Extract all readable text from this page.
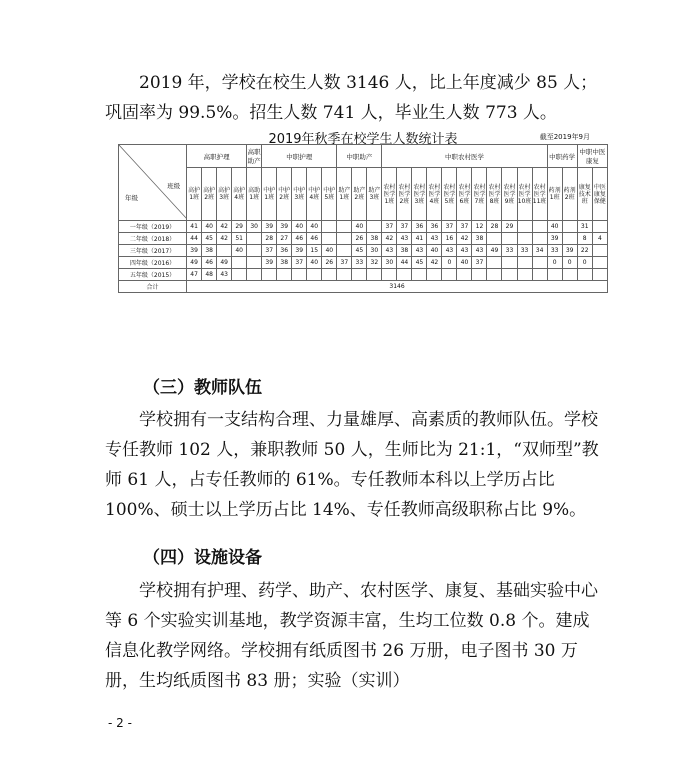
2019 年，学校在校生人数 3146 人，比上年度减少 85 人；巩固率为 99.5%。招生人数 741 人，毕业生人数 773 人。
2019年秋季在校学生人数统计表	截至2019年9月
年级
班级	高职护理				高职助产	中职护理					中职助产			中职农村医学											中职药学		中职中医康复	
	高护1班	高护2班	高护3班	高护4班	高助1班	中护1班	中护2班	中护3班	中护4班	中护5班	助产1班	助产2班	助产3班	农村医学1班	农村医学2班	农村医学3班	农村医学4班	农村医学5班	农村医学6班	农村医学7班	农村医学8班	农村医学9班	农村医学10班	农村医学11班	药剂1班	药剂2班	康复技术班	中医康复保健
一年级（2019）	41	40	42	29	30	39	39	40	40			40		37	37	36	36	37	37	12	28	29			40		31	
二年级（2018）	44	45	42	51		28	27	46	46			26	38	42	43	41	43	16	42	38					39		8	4
三年级（2017）	39	38		40		37	36	39	15	40		45	30	43	38	43	40	43	43	43	49	33	33	34	33	39	22	
四年级（2016）	49	46	49			39	38	37	40	26	37	33	32	30	44	45	42	0	40	37					0	0	0	
五年级（2015）	47	48	43																									
合计	3146																											
（三）教师队伍
学校拥有一支结构合理、力量雄厚、高素质的教师队伍。学校专任教师 102 人，兼职教师 50 人，生师比为 21:1，“双师型”教师 61 人，占专任教师的 61%。专任教师本科以上学历占比 100%、硕士以上学历占比 14%、专任教师高级职称占比 9%。
（四）设施设备
学校拥有护理、药学、助产、农村医学、康复、基础实验中心等 6 个实验实训基地，教学资源丰富，生均工位数 0.8 个。建成信息化教学网络。学校拥有纸质图书 26 万册，电子图书 30 万册，生均纸质图书 83 册；实验（实训）
- 2 -
